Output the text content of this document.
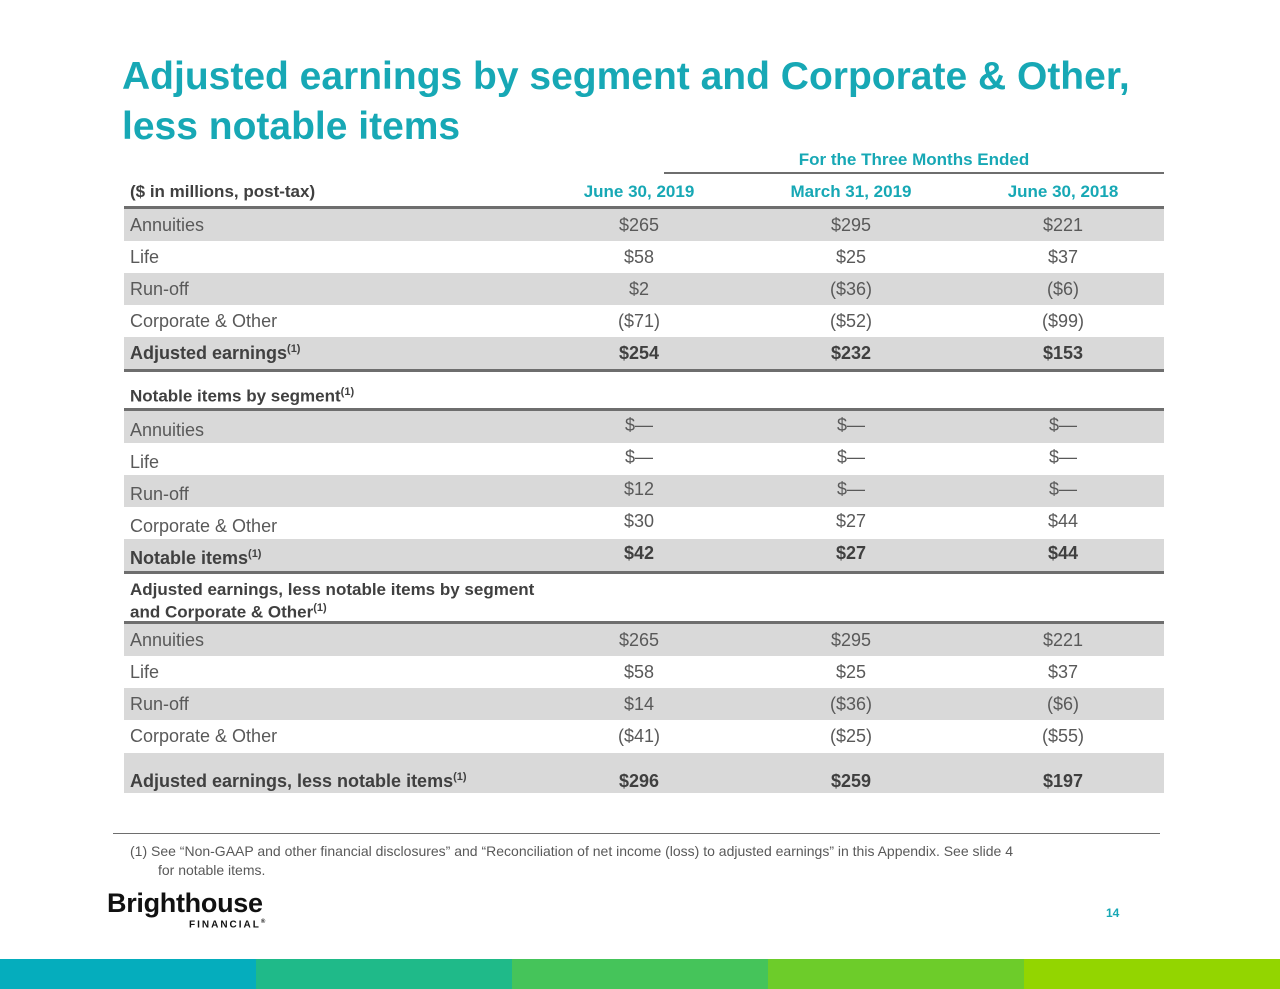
Adjusted earnings by segment and Corporate & Other,
less notable items
For the Three Months Ended
($ in millions, post-tax)	June 30, 2019	March 31, 2019	June 30, 2018
Annuities	$265	$295	$221
Life	$58	$25	$37
Run-off	$2	($36)	($6)
Corporate & Other	($71)	($52)	($99)
Adjusted earnings$^{(1)}$	$254	$232	$153
Notable items by segment$^{(1)}$
Annuities	$—	$—	$—
Life	$—	$—	$—
Run-off	$12	$—	$—
Corporate & Other	$30	$27	$44
Notable items$^{(1)}$	$42	$27	$44
Adjusted earnings, less notable items by segment
and Corporate & Other$^{(1)}$
Annuities	$265	$295	$221
Life	$58	$25	$37
Run-off	$14	($36)	($6)
Corporate & Other	($41)	($25)	($55)
Adjusted earnings, less notable items$^{(1)}$	$296	$259	$197
(1) See “Non-GAAP and other financial disclosures” and “Reconciliation of net income (loss) to adjusted earnings” in this Appendix. See slide 4
for notable items.
Brighthouse
FINANCIAL®
14
